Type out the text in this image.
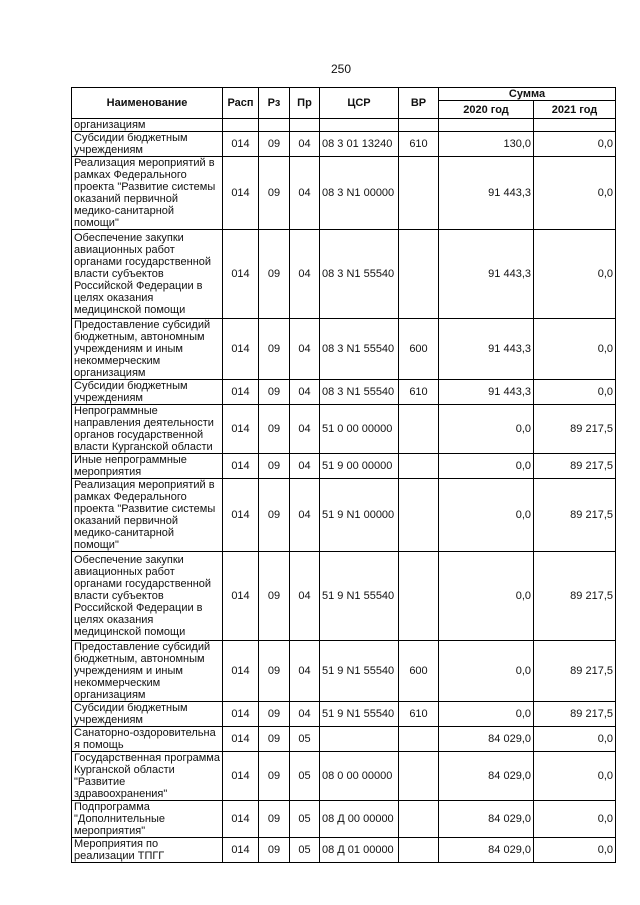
250
Наименование	Расп	Рз	Пр	ЦСР	ВР	Сумма	
						2020 год	2021 год
организациям							
Субсидии бюджетным учреждениям	014	09	04	08 3 01 13240	610	130,0	0,0
Реализация мероприятий в рамках Федерального проекта "Развитие системы оказаний первичной медико-санитарной помощи"	014	09	04	08 3 N1 00000		91 443,3	0,0
Обеспечение закупки авиационных работ органами государственной власти субъектов Российской Федерации в целях оказания медицинской помощи	014	09	04	08 3 N1 55540		91 443,3	0,0
Предоставление субсидий бюджетным, автономным учреждениям и иным некоммерческим организациям	014	09	04	08 3 N1 55540	600	91 443,3	0,0
Субсидии бюджетным учреждениям	014	09	04	08 3 N1 55540	610	91 443,3	0,0
Непрограммные направления деятельности органов государственной власти Курганской области	014	09	04	51 0 00 00000		0,0	89 217,5
Иные непрограммные мероприятия	014	09	04	51 9 00 00000		0,0	89 217,5
Реализация мероприятий в рамках Федерального проекта "Развитие системы оказаний первичной медико-санитарной помощи"	014	09	04	51 9 N1 00000		0,0	89 217,5
Обеспечение закупки авиационных работ органами государственной власти субъектов Российской Федерации в целях оказания медицинской помощи	014	09	04	51 9 N1 55540		0,0	89 217,5
Предоставление субсидий бюджетным, автономным учреждениям и иным некоммерческим организациям	014	09	04	51 9 N1 55540	600	0,0	89 217,5
Субсидии бюджетным учреждениям	014	09	04	51 9 N1 55540	610	0,0	89 217,5
Санаторно-оздоровительна я помощь	014	09	05			84 029,0	0,0
Государственная программа Курганской области "Развитие здравоохранения"	014	09	05	08 0 00 00000		84 029,0	0,0
Подпрограмма "Дополнительные мероприятия"	014	09	05	08 Д 00 00000		84 029,0	0,0
Мероприятия по реализации ТПГГ	014	09	05	08 Д 01 00000		84 029,0	0,0
